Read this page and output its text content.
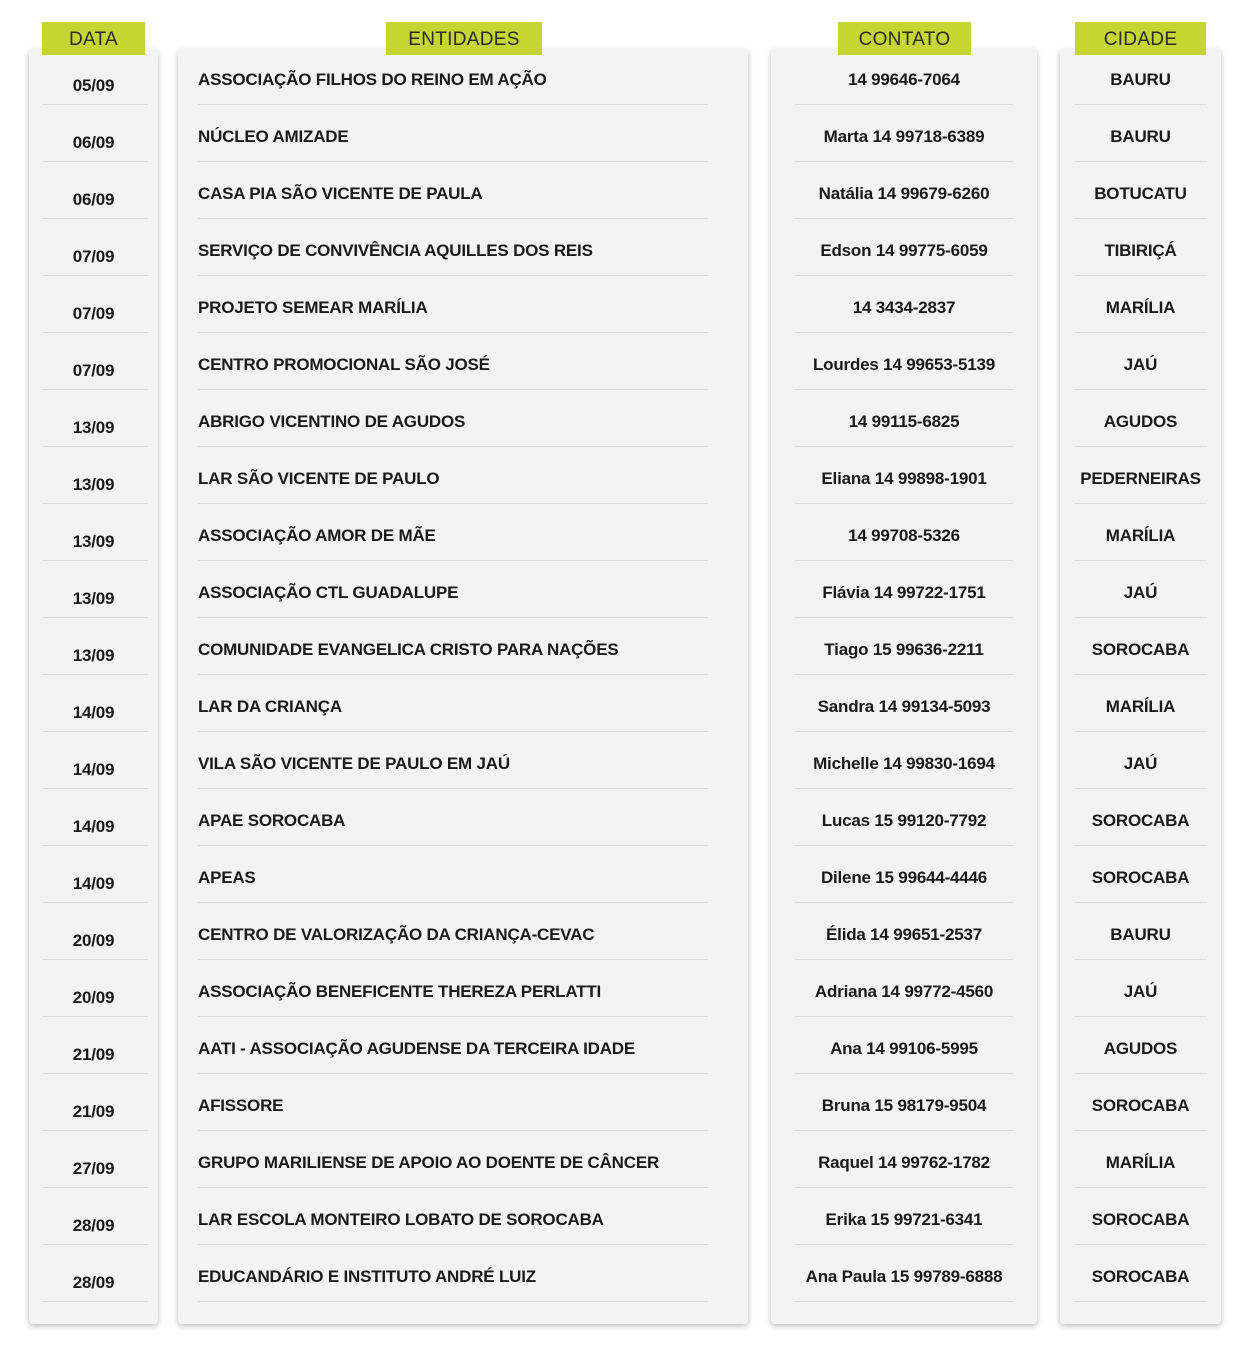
DATA	ENTIDADES	CONTATO	CIDADE
05/09	ASSOCIAÇÃO FILHOS DO REINO EM AÇÃO	14 99646-7064	BAURU
06/09	NÚCLEO AMIZADE	Marta 14 99718-6389	BAURU
06/09	CASA PIA SÃO VICENTE DE PAULA	Natália 14 99679-6260	BOTUCATU
07/09	SERVIÇO DE CONVIVÊNCIA AQUILLES DOS REIS	Edson 14 99775-6059	TIBIRIÇÁ
07/09	PROJETO SEMEAR MARÍLIA	14 3434-2837	MARÍLIA
07/09	CENTRO PROMOCIONAL SÃO JOSÉ	Lourdes 14 99653-5139	JAÚ
13/09	ABRIGO VICENTINO DE AGUDOS	14 99115-6825	AGUDOS
13/09	LAR SÃO VICENTE DE PAULO	Eliana 14 99898-1901	PEDERNEIRAS
13/09	ASSOCIAÇÃO AMOR DE MÃE	14 99708-5326	MARÍLIA
13/09	ASSOCIAÇÃO CTL GUADALUPE	Flávia 14 99722-1751	JAÚ
13/09	COMUNIDADE EVANGELICA CRISTO PARA NAÇÕES	Tiago 15 99636-2211	SOROCABA
14/09	LAR DA CRIANÇA	Sandra 14 99134-5093	MARÍLIA
14/09	VILA SÃO VICENTE DE PAULO EM JAÚ	Michelle 14 99830-1694	JAÚ
14/09	APAE SOROCABA	Lucas 15 99120-7792	SOROCABA
14/09	APEAS	Dilene 15 99644-4446	SOROCABA
20/09	CENTRO DE VALORIZAÇÃO DA CRIANÇA-CEVAC	Élida 14 99651-2537	BAURU
20/09	ASSOCIAÇÃO BENEFICENTE THEREZA PERLATTI	Adriana 14 99772-4560	JAÚ
21/09	AATI - ASSOCIAÇÃO AGUDENSE DA TERCEIRA IDADE	Ana 14 99106-5995	AGUDOS
21/09	AFISSORE	Bruna 15 98179-9504	SOROCABA
27/09	GRUPO MARILIENSE DE APOIO AO DOENTE DE CÂNCER	Raquel 14 99762-1782	MARÍLIA
28/09	LAR ESCOLA MONTEIRO LOBATO DE SOROCABA	Erika 15 99721-6341	SOROCABA
28/09	EDUCANDÁRIO E INSTITUTO ANDRÉ LUIZ	Ana Paula 15 99789-6888	SOROCABA
